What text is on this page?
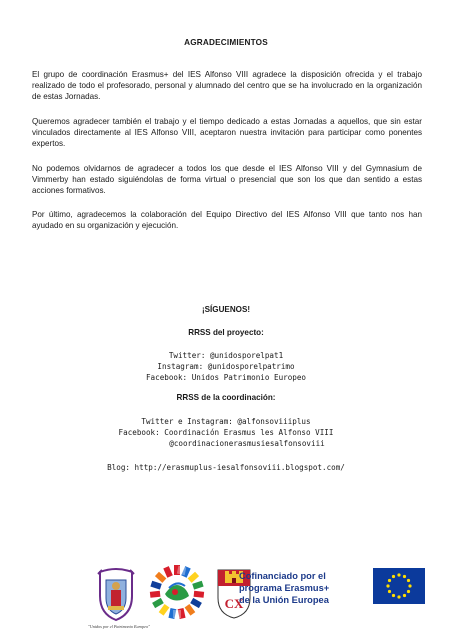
AGRADECIMIENTOS

El grupo de coordinación Erasmus+ del IES Alfonso VIII agradece la disposición ofrecida y el trabajo realizado de todo el profesorado, personal y alumnado del centro que se ha involucrado en la organización de estas Jornadas.

Queremos agradecer también el trabajo y el tiempo dedicado a estas Jornadas a aquellos, que sin estar vinculados directamente al IES Alfonso VIII, aceptaron nuestra invitación para participar como ponentes expertos.

No podemos olvidarnos de agradecer a todos los que desde el IES Alfonso VIII y del Gymnasium de Vimmerby han estado siguiéndolas de forma virtual o presencial que son los que dan sentido a estas acciones formativos.

Por último, agradecemos la colaboración del Equipo Directivo del IES Alfonso VIII que tanto nos han ayudado en su organización y ejecución.

¡SÍGUENOS!
RRSS del proyecto:
Twitter: @unidosporelpat1
Instagram: @unidosporelpatrimo
Facebook: Unidos Patrimonio Europeo
RRSS de la coordinación:
Twitter e Instagram: @alfonsoviiiplus
Facebook: Coordinación Erasmus les Alfonso VIII
@coordinacionerasmusiesalfonsoviii
Blog: http://erasmuplus-iesalfonsoviii.blogspot.com/
CX
"Unidos por el Patrimonio Europeo"
Cofinanciado por el
programa Erasmus+
de la Unión Europea
